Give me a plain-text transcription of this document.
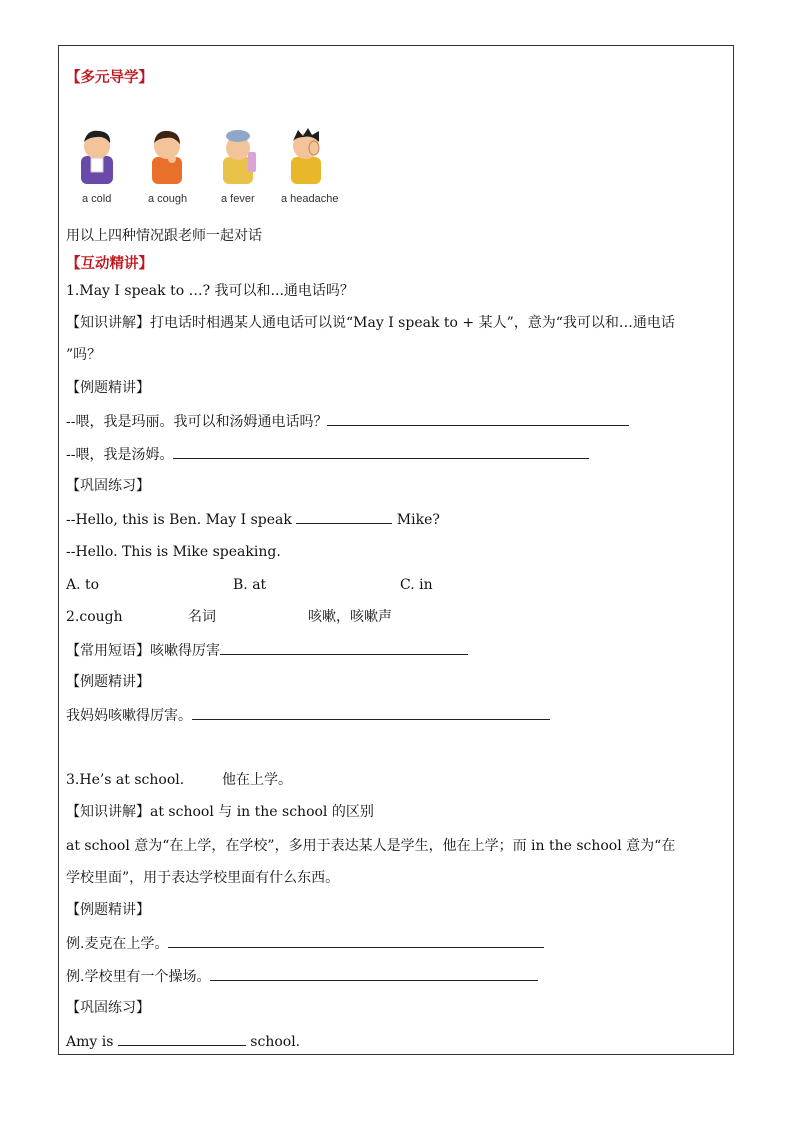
【多元导学】
a cold	a cough	a fever a headache
用以上四种情况跟老师一起对话
【互动精讲】
1.May I speak to …? 我可以和...通电话吗？
【知识讲解】打电话时相遇某人通电话可以说“May I speak to + 某人”，意为“我可以和…通电话
”吗？
【例题精讲】
--喂，我是玛丽。我可以和汤姆通电话吗？
--喂，我是汤姆。
【巩固练习】
--Hello, this is Ben. May I speak	Mike?
--Hello. This is Mike speaking.
A. to	B. at	C. in
2.cough	名词	咳嗽，咳嗽声
【常用短语】咳嗽得厉害
【例题精讲】
我妈妈咳嗽得厉害。
3.He’s at school.	他在上学。
【知识讲解】at school 与 in the school 的区别
at school 意为“在上学，在学校”，多用于表达某人是学生，他在上学；而 in the school 意为“在
学校里面”，用于表达学校里面有什么东西。
【例题精讲】
例.麦克在上学。
例.学校里有一个操场。
【巩固练习】
Amy is	school.
